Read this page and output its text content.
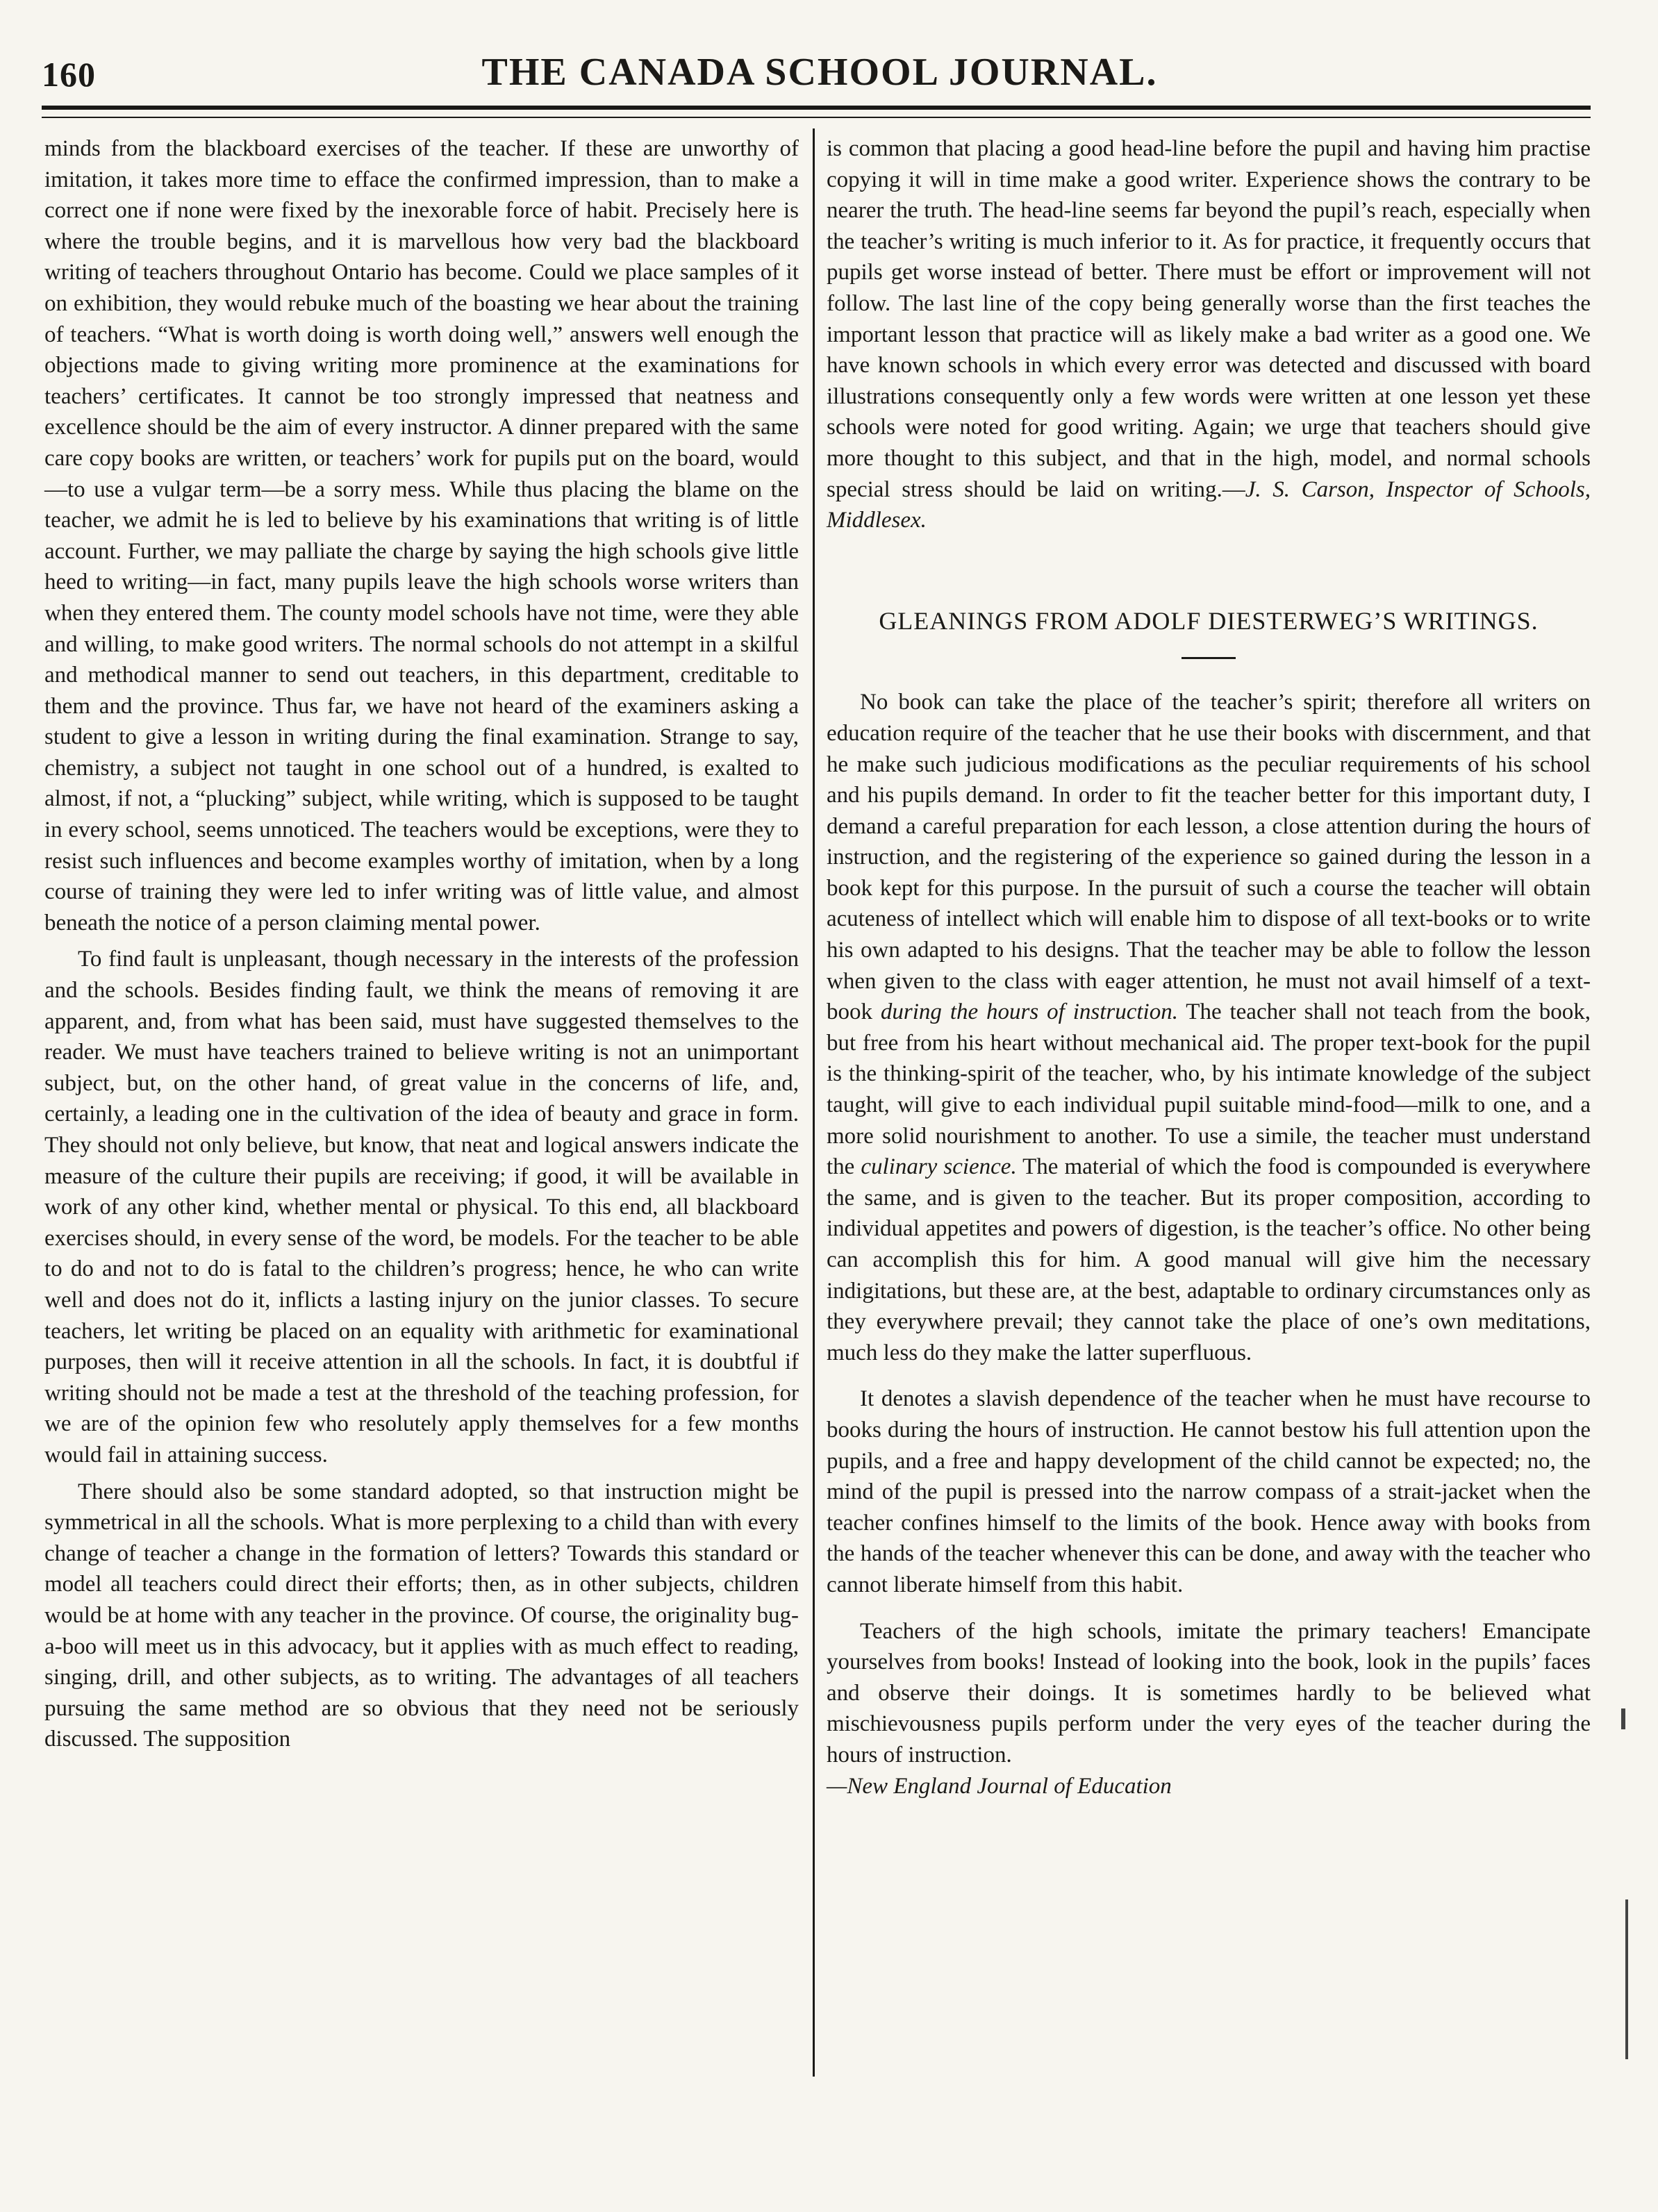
160	THE CANADA SCHOOL JOURNAL.

minds from the blackboard exercises of the teacher. If these are unworthy of imitation, it takes more time to efface the confirmed impression, than to make a correct one if none were fixed by the inexorable force of habit. Precisely here is where the trouble begins, and it is marvellous how very bad the blackboard writing of teachers throughout Ontario has become. Could we place samples of it on exhibition, they would rebuke much of the boasting we hear about the training of teachers. “What is worth doing is worth doing well,” answers well enough the objections made to giving writing more prominence at the examinations for teachers’ certificates. It cannot be too strongly impressed that neatness and excellence should be the aim of every instructor. A dinner prepared with the same care copy books are written, or teachers’ work for pupils put on the board, would—to use a vulgar term—be a sorry mess. While thus placing the blame on the teacher, we admit he is led to believe by his examinations that writing is of little account. Further, we may palliate the charge by saying the high schools give little heed to writing—in fact, many pupils leave the high schools worse writers than when they entered them. The county model schools have not time, were they able and willing, to make good writers. The normal schools do not attempt in a skilful and methodical manner to send out teachers, in this department, creditable to them and the province. Thus far, we have not heard of the examiners asking a student to give a lesson in writing during the final examination. Strange to say, chemistry, a subject not taught in one school out of a hundred, is exalted to almost, if not, a “plucking” subject, while writing, which is supposed to be taught in every school, seems unnoticed. The teachers would be exceptions, were they to resist such influences and become examples worthy of imitation, when by a long course of training they were led to infer writing was of little value, and almost beneath the notice of a person claiming mental power.

To find fault is unpleasant, though necessary in the interests of the profession and the schools. Besides finding fault, we think the means of removing it are apparent, and, from what has been said, must have suggested themselves to the reader. We must have teachers trained to believe writing is not an unimportant subject, but, on the other hand, of great value in the concerns of life, and, certainly, a leading one in the cultivation of the idea of beauty and grace in form. They should not only believe, but know, that neat and logical answers indicate the measure of the culture their pupils are receiving; if good, it will be available in work of any other kind, whether mental or physical. To this end, all blackboard exercises should, in every sense of the word, be models. For the teacher to be able to do and not to do is fatal to the children’s progress; hence, he who can write well and does not do it, inflicts a lasting injury on the junior classes. To secure teachers, let writing be placed on an equality with arithmetic for examinational purposes, then will it receive attention in all the schools. In fact, it is doubtful if writing should not be made a test at the threshold of the teaching profession, for we are of the opinion few who resolutely apply themselves for a few months would fail in attaining success.

There should also be some standard adopted, so that instruction might be symmetrical in all the schools. What is more perplexing to a child than with every change of teacher a change in the formation of letters? Towards this standard or model all teachers could direct their efforts; then, as in other subjects, children would be at home with any teacher in the province. Of course, the originality bug-a-boo will meet us in this advocacy, but it applies with as much effect to reading, singing, drill, and other subjects, as to writing. The advantages of all teachers pursuing the same method are so obvious that they need not be seriously discussed. The supposition

is common that placing a good head-line before the pupil and having him practise copying it will in time make a good writer. Experience shows the contrary to be nearer the truth. The head-line seems far beyond the pupil’s reach, especially when the teacher’s writing is much inferior to it. As for practice, it frequently occurs that pupils get worse instead of better. There must be effort or improvement will not follow. The last line of the copy being generally worse than the first teaches the important lesson that practice will as likely make a bad writer as a good one. We have known schools in which every error was detected and discussed with board illustrations consequently only a few words were written at one lesson yet these schools were noted for good writing. Again; we urge that teachers should give more thought to this subject, and that in the high, model, and normal schools special stress should be laid on writing.—J. S. Carson, Inspector of Schools, Middlesex.

GLEANINGS FROM ADOLF DIESTERWEG’S WRITINGS.

No book can take the place of the teacher’s spirit; therefore all writers on education require of the teacher that he use their books with discernment, and that he make such judicious modifications as the peculiar requirements of his school and his pupils demand. In order to fit the teacher better for this important duty, I demand a careful preparation for each lesson, a close attention during the hours of instruction, and the registering of the experience so gained during the lesson in a book kept for this purpose. In the pursuit of such a course the teacher will obtain acuteness of intellect which will enable him to dispose of all text-books or to write his own adapted to his designs. That the teacher may be able to follow the lesson when given to the class with eager attention, he must not avail himself of a text-book during the hours of instruction. The teacher shall not teach from the book, but free from his heart without mechanical aid. The proper text-book for the pupil is the thinking-spirit of the teacher, who, by his intimate knowledge of the subject taught, will give to each individual pupil suitable mind-food—milk to one, and a more solid nourishment to another. To use a simile, the teacher must understand the culinary science. The material of which the food is compounded is everywhere the same, and is given to the teacher. But its proper composition, according to individual appetites and powers of digestion, is the teacher’s office. No other being can accomplish this for him. A good manual will give him the necessary indigitations, but these are, at the best, adaptable to ordinary circumstances only as they everywhere prevail; they cannot take the place of one’s own meditations, much less do they make the latter superfluous.

It denotes a slavish dependence of the teacher when he must have recourse to books during the hours of instruction. He cannot bestow his full attention upon the pupils, and a free and happy development of the child cannot be expected; no, the mind of the pupil is pressed into the narrow compass of a strait-jacket when the teacher confines himself to the limits of the book. Hence away with books from the hands of the teacher whenever this can be done, and away with the teacher who cannot liberate himself from this habit.

Teachers of the high schools, imitate the primary teachers! Emancipate yourselves from books! Instead of looking into the book, look in the pupils’ faces and observe their doings. It is sometimes hardly to be believed what mischievousness pupils perform under the very eyes of the teacher during the hours of instruction.
—New England Journal of Education
